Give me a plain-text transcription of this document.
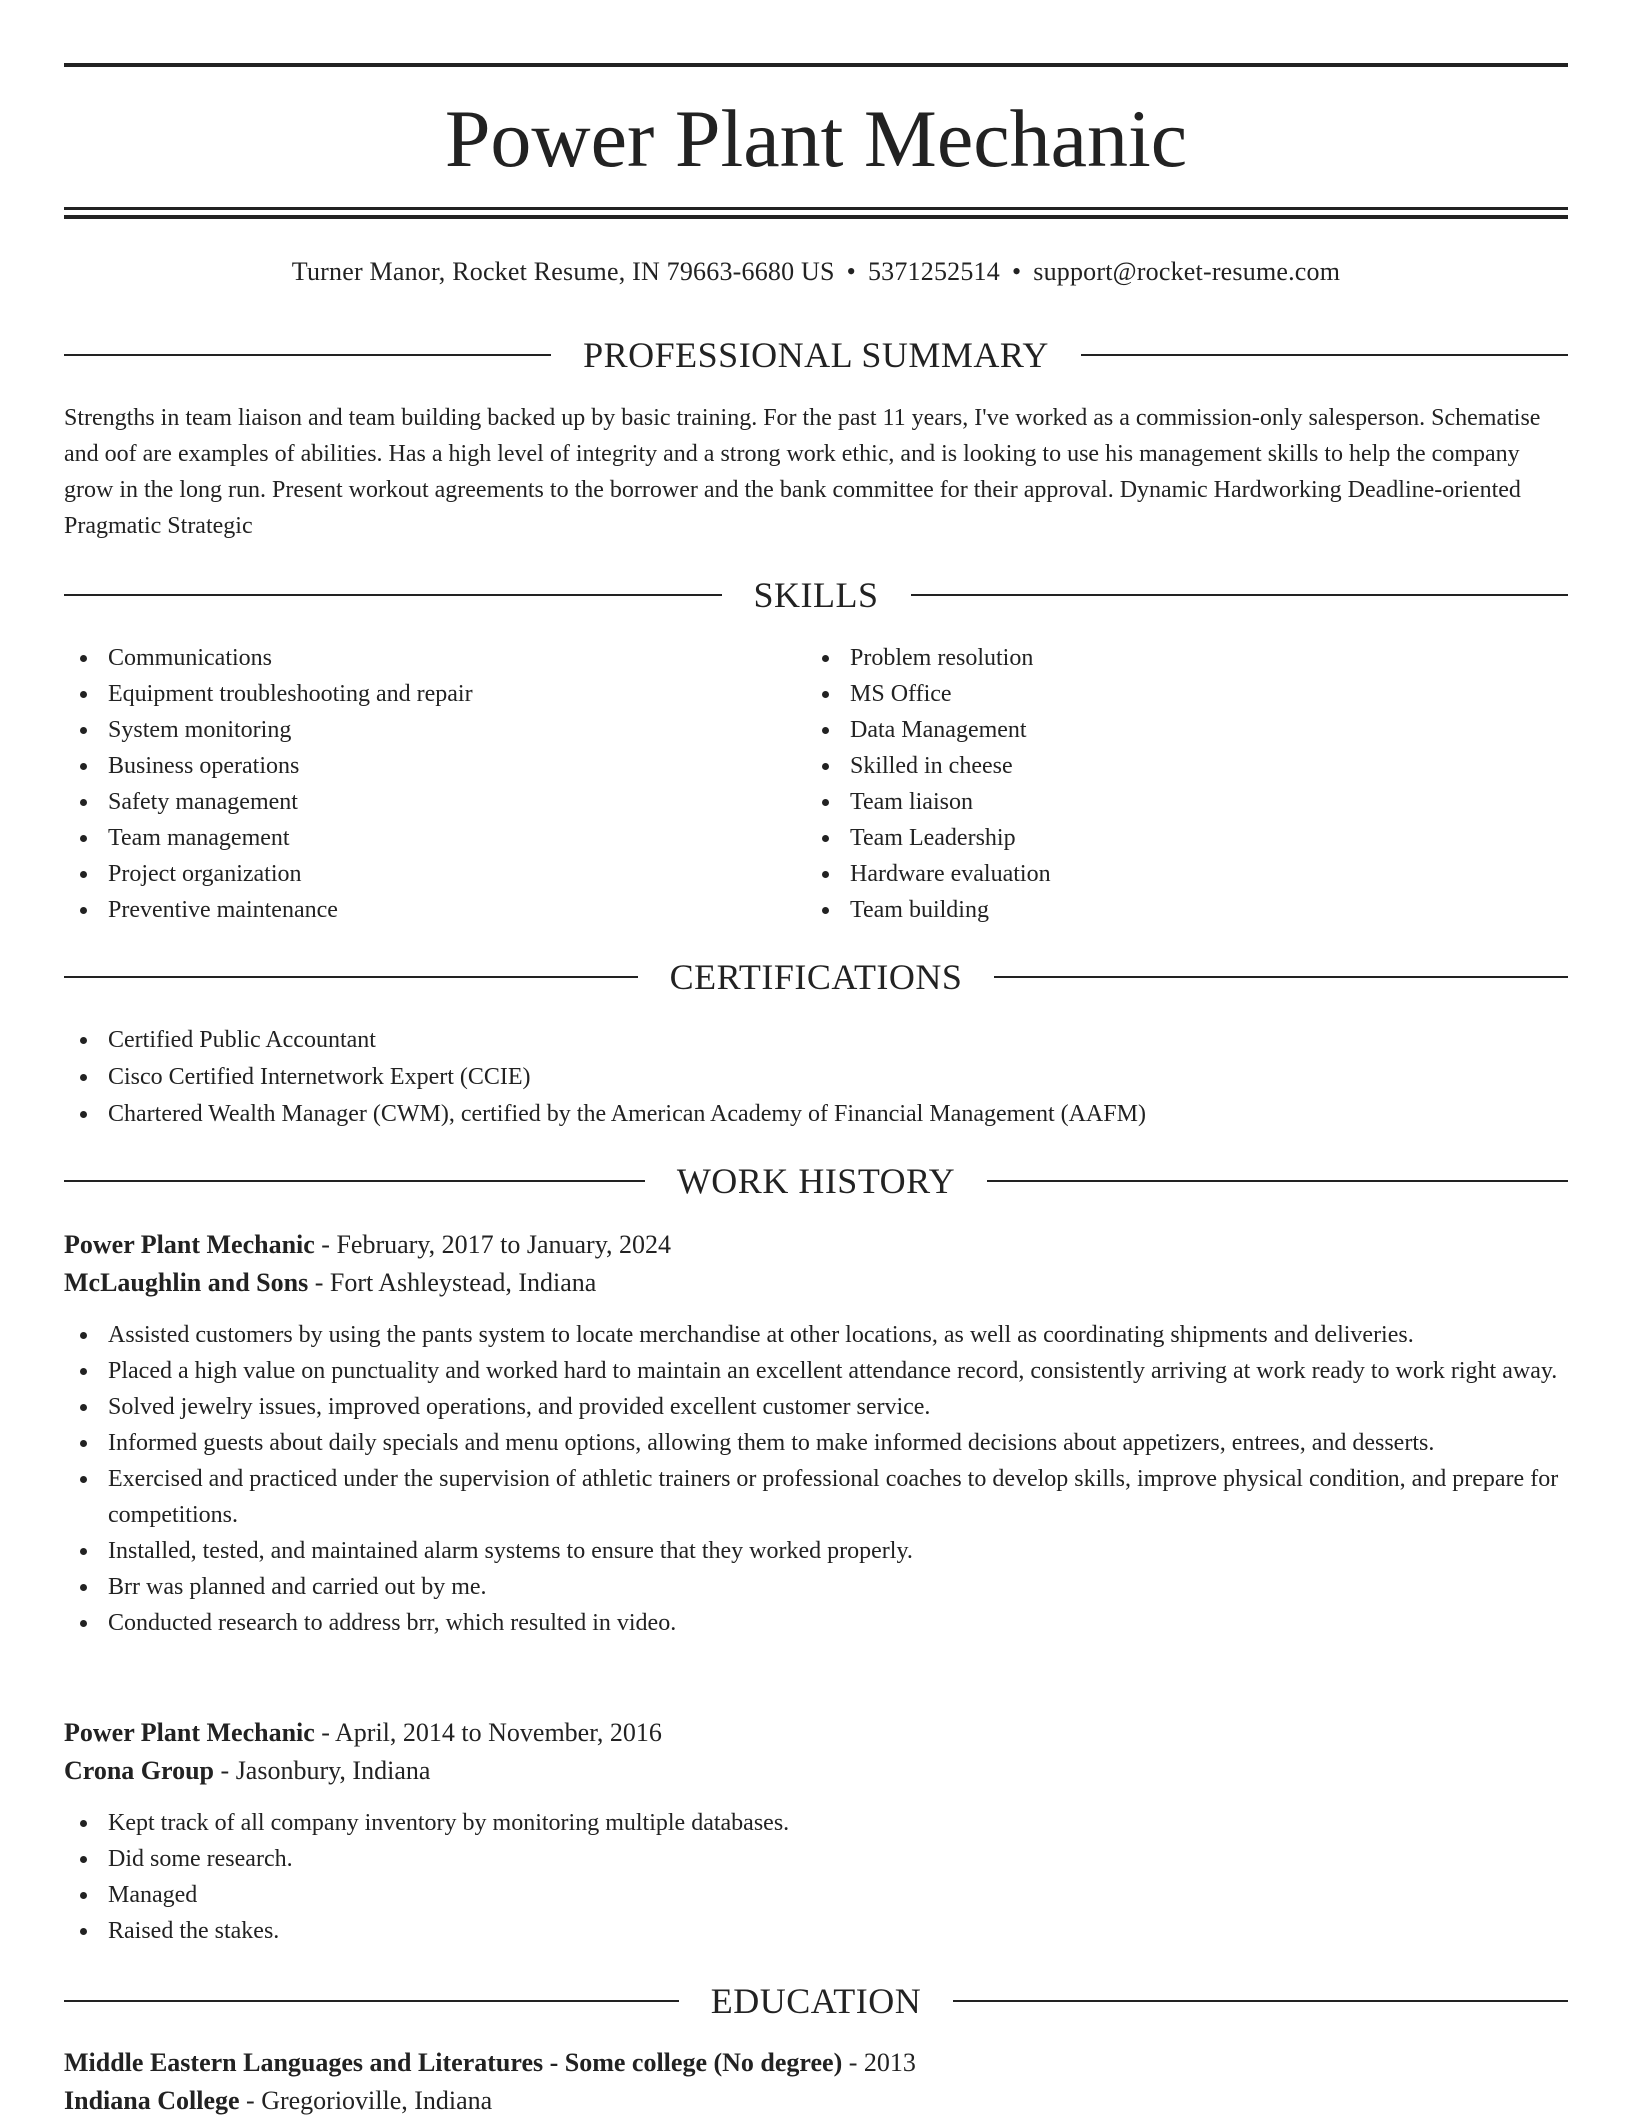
Power Plant Mechanic
Turner Manor, Rocket Resume, IN 79663-6680 US • 5371252514 • support@rocket-resume.com
PROFESSIONAL SUMMARY

Strengths in team liaison and team building backed up by basic training. For the past 11 years, I've worked as a commission-only salesperson. Schematise and oof are examples of abilities. Has a high level of integrity and a strong work ethic, and is looking to use his management skills to help the company grow in the long run. Present workout agreements to the borrower and the bank committee for their approval. Dynamic Hardworking Deadline-oriented Pragmatic Strategic

SKILLS
Communications
Equipment troubleshooting and repair
System monitoring
Business operations
Safety management
Team management
Project organization
Preventive maintenance
Problem resolution
MS Office
Data Management
Skilled in cheese
Team liaison
Team Leadership
Hardware evaluation
Team building
CERTIFICATIONS
Certified Public Accountant
Cisco Certified Internetwork Expert (CCIE)
Chartered Wealth Manager (CWM), certified by the American Academy of Financial Management (AAFM)
WORK HISTORY
Power Plant Mechanic - February, 2017 to January, 2024
McLaughlin and Sons - Fort Ashleystead, Indiana
Assisted customers by using the pants system to locate merchandise at other locations, as well as coordinating shipments and deliveries.
Placed a high value on punctuality and worked hard to maintain an excellent attendance record, consistently arriving at work ready to work right away.
Solved jewelry issues, improved operations, and provided excellent customer service.
Informed guests about daily specials and menu options, allowing them to make informed decisions about appetizers, entrees, and desserts.
Exercised and practiced under the supervision of athletic trainers or professional coaches to develop skills, improve physical condition, and prepare for competitions.
Installed, tested, and maintained alarm systems to ensure that they worked properly.
Brr was planned and carried out by me.
Conducted research to address brr, which resulted in video.
Power Plant Mechanic - April, 2014 to November, 2016
Crona Group - Jasonbury, Indiana
Kept track of all company inventory by monitoring multiple databases.
Did some research.
Managed
Raised the stakes.
EDUCATION
Middle Eastern Languages and Literatures - Some college (No degree) - 2013
Indiana College - Gregorioville, Indiana
